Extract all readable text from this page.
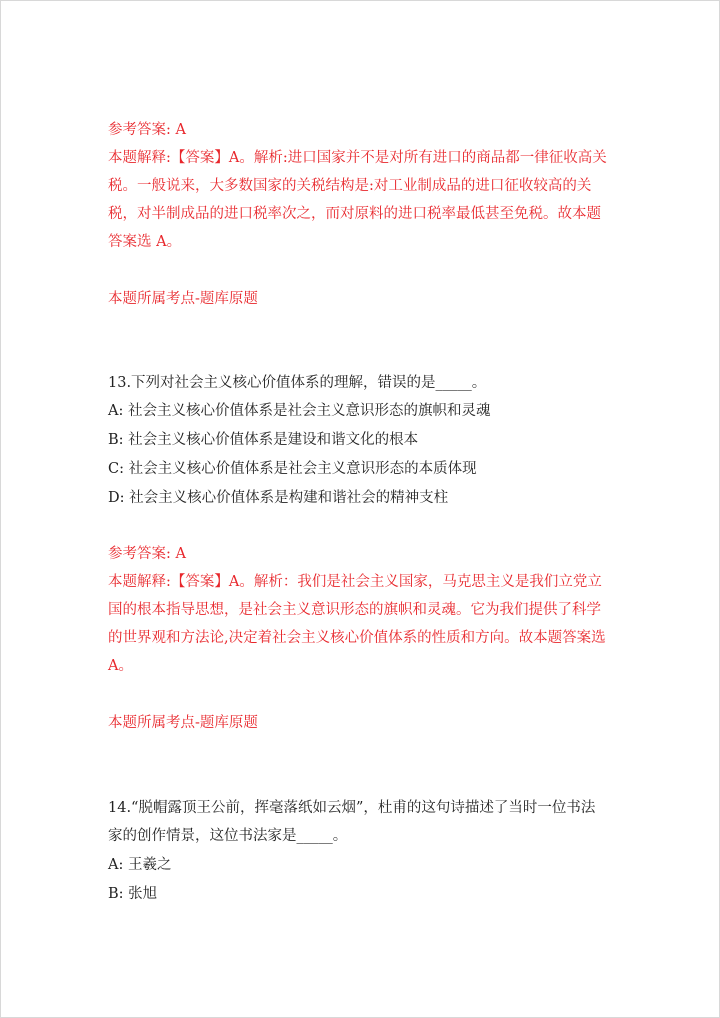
参考答案: A
本题解释:【答案】A。解析:进口国家并不是对所有进口的商品都一律征收高关
税。一般说来，大多数国家的关税结构是:对工业制成品的进口征收较高的关
税，对半制成品的进口税率次之，而对原料的进口税率最低甚至免税。故本题
答案选 A。
本题所属考点-题库原题
13.下列对社会主义核心价值体系的理解，错误的是_____。
A: 社会主义核心价值体系是社会主义意识形态的旗帜和灵魂
B: 社会主义核心价值体系是建设和谐文化的根本
C: 社会主义核心价值体系是社会主义意识形态的本质体现
D: 社会主义核心价值体系是构建和谐社会的精神支柱
参考答案: A
本题解释:【答案】A。解析：我们是社会主义国家，马克思主义是我们立党立
国的根本指导思想，是社会主义意识形态的旗帜和灵魂。它为我们提供了科学
的世界观和方法论,决定着社会主义核心价值体系的性质和方向。故本题答案选
A。
本题所属考点-题库原题
14.“脱帽露顶王公前，挥毫落纸如云烟”，杜甫的这句诗描述了当时一位书法
家的创作情景，这位书法家是_____。
A: 王羲之
B: 张旭
